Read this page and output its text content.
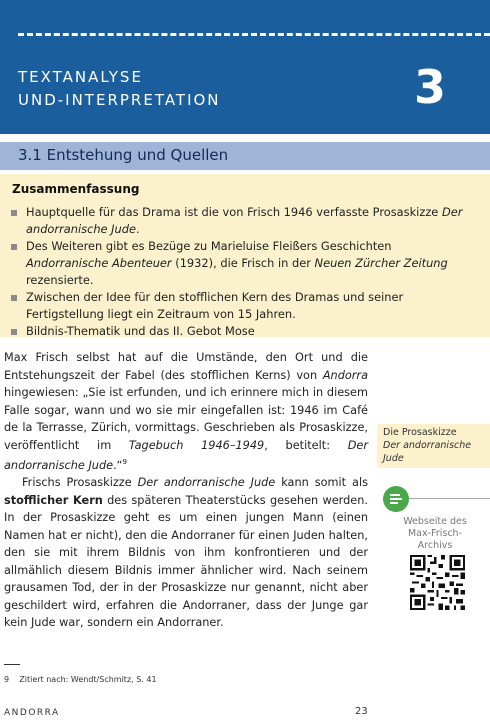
TEXTANALYSE
UND-INTERPRETATION	3
3.1 Entstehung und Quellen
Zusammenfassung
Hauptquelle für das Drama ist die von Frisch 1946 verfasste Prosaskizze Der andorranische Jude.
Des Weiteren gibt es Bezüge zu Marieluise Fleißers Geschichten Andorranische Abenteuer (1932), die Frisch in der Neuen Zürcher Zeitung rezensierte.
Zwischen der Idee für den stofflichen Kern des Dramas und seiner Fertigstellung liegt ein Zeitraum von 15 Jahren.
Bildnis-Thematik und das II. Gebot Mose

Max Frisch selbst hat auf die Umstände, den Ort und die Entstehungszeit der Fabel (des stofflichen Kerns) von Andorra hingewiesen: „Sie ist erfunden, und ich erinnere mich in diesem Falle sogar, wann und wo sie mir eingefallen ist: 1946 im Café de la Terrasse, Zürich, vormittags. Geschrieben als Prosaskizze, veröffentlicht im Tagebuch 1946–1949, betitelt: Der andorranische Jude.“$^9$

Frischs Prosaskizze Der andorranische Jude kann somit als stofflicher Kern des späteren Theaterstücks gesehen werden. In der Prosaskizze geht es um einen jungen Mann (einen Namen hat er nicht), den die Andorraner für einen Juden halten, den sie mit ihrem Bildnis von ihm konfrontieren und der allmählich diesem Bildnis immer ähnlicher wird. Nach seinem grausamen Tod, der in der Prosaskizze nur genannt, nicht aber geschildert wird, erfahren die Andorraner, dass der Junge gar kein Jude war, sondern ein Andorraner.

Die Prosaskizze
Der andorranische Jude
Webseite des
Max-Frisch-
Archivs
9 Zitiert nach: Wendt/Schmitz, S. 41
ANDORRA	23
